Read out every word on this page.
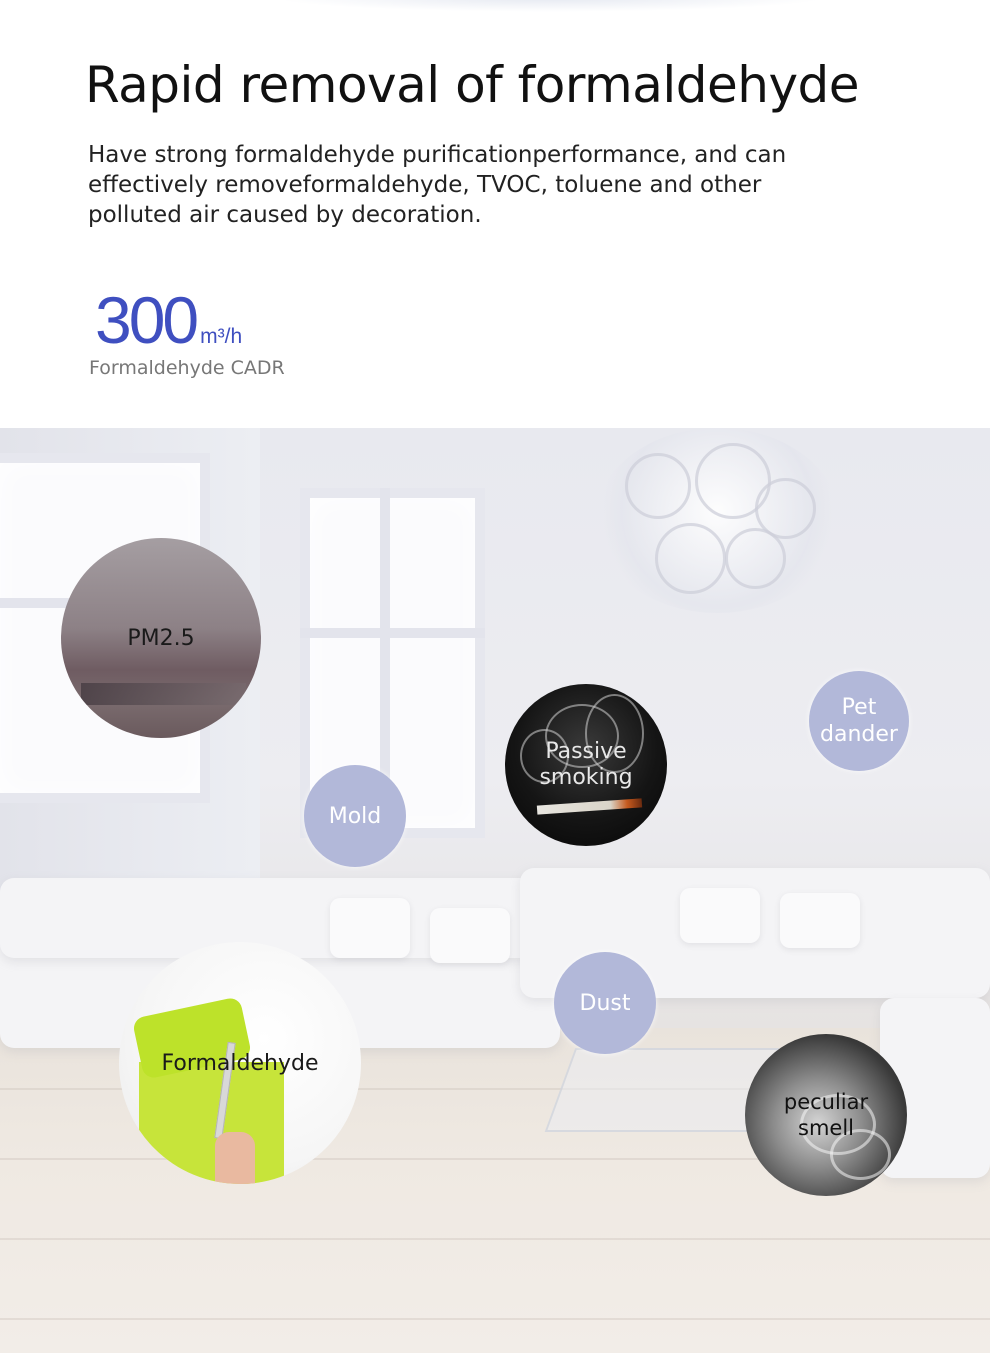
Rapid removal of formaldehyde

Have strong formaldehyde purificationperformance, and can effectively removeformaldehyde, TVOC, toluene and other polluted air caused by decoration.

300 m³/h
Formaldehyde CADR
PM2.5
Passive smoking
Pet dander
Mold
Dust
Formaldehyde
peculiar smell
